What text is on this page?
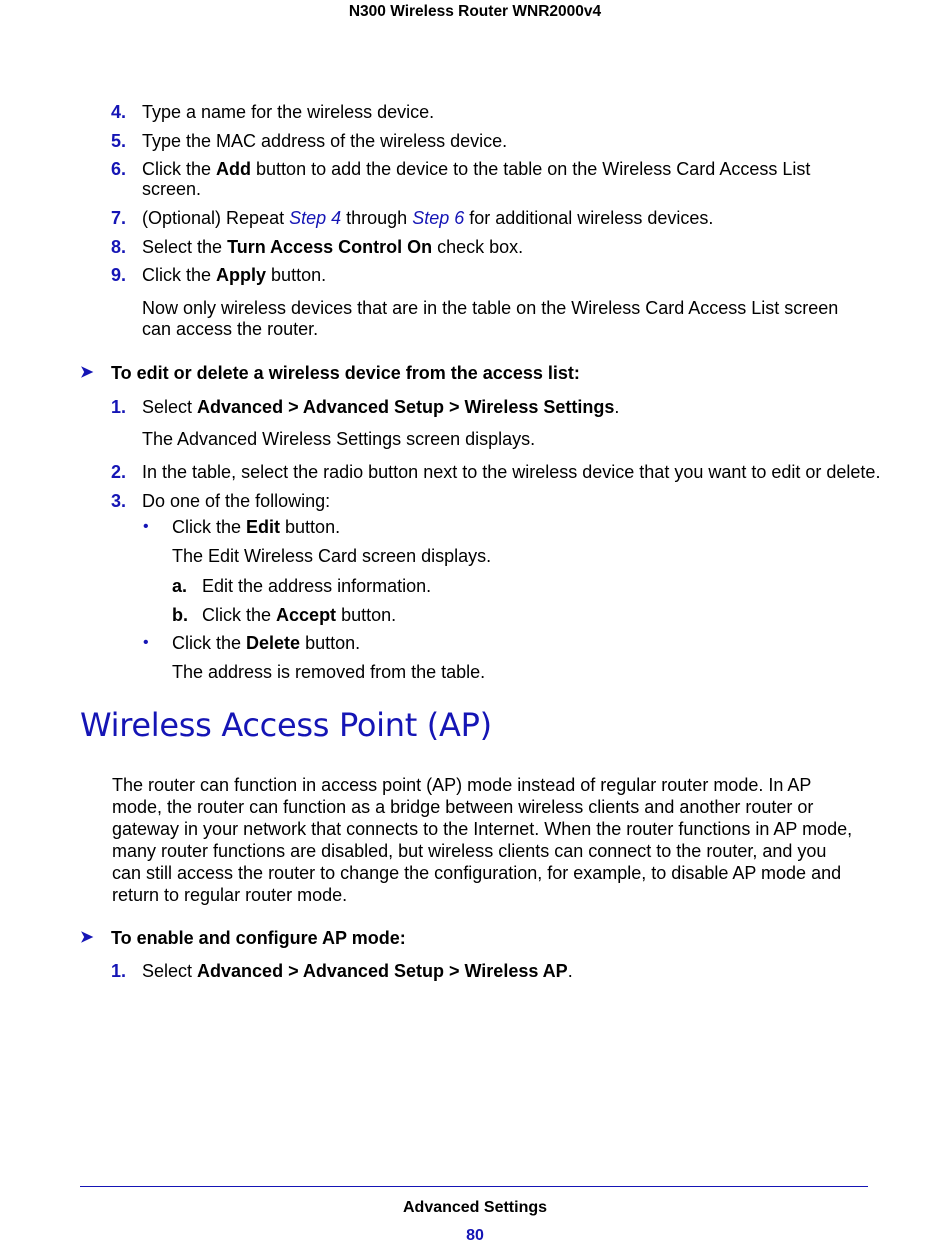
N300 Wireless Router WNR2000v4
4. Type a name for the wireless device.
5. Type the MAC address of the wireless device.
6. Click the Add button to add the device to the table on the Wireless Card Access List
screen.
7. (Optional) Repeat Step 4 through Step 6 for additional wireless devices.
8. Select the Turn Access Control On check box.
9. Click the Apply button.
Now only wireless devices that are in the table on the Wireless Card Access List screen
can access the router.
➤ To edit or delete a wireless device from the access list:
1. Select Advanced > Advanced Setup > Wireless Settings.
The Advanced Wireless Settings screen displays.
2. In the table, select the radio button next to the wireless device that you want to edit or delete.
3. Do one of the following:
• Click the Edit button.
The Edit Wireless Card screen displays.
a. Edit the address information.
b. Click the Accept button.
• Click the Delete button.
The address is removed from the table.
Wireless Access Point (AP)
The router can function in access point (AP) mode instead of regular router mode. In AP
mode, the router can function as a bridge between wireless clients and another router or
gateway in your network that connects to the Internet. When the router functions in AP mode,
many router functions are disabled, but wireless clients can connect to the router, and you
can still access the router to change the configuration, for example, to disable AP mode and
return to regular router mode.
➤ To enable and configure AP mode:
1. Select Advanced > Advanced Setup > Wireless AP.
Advanced Settings
80
